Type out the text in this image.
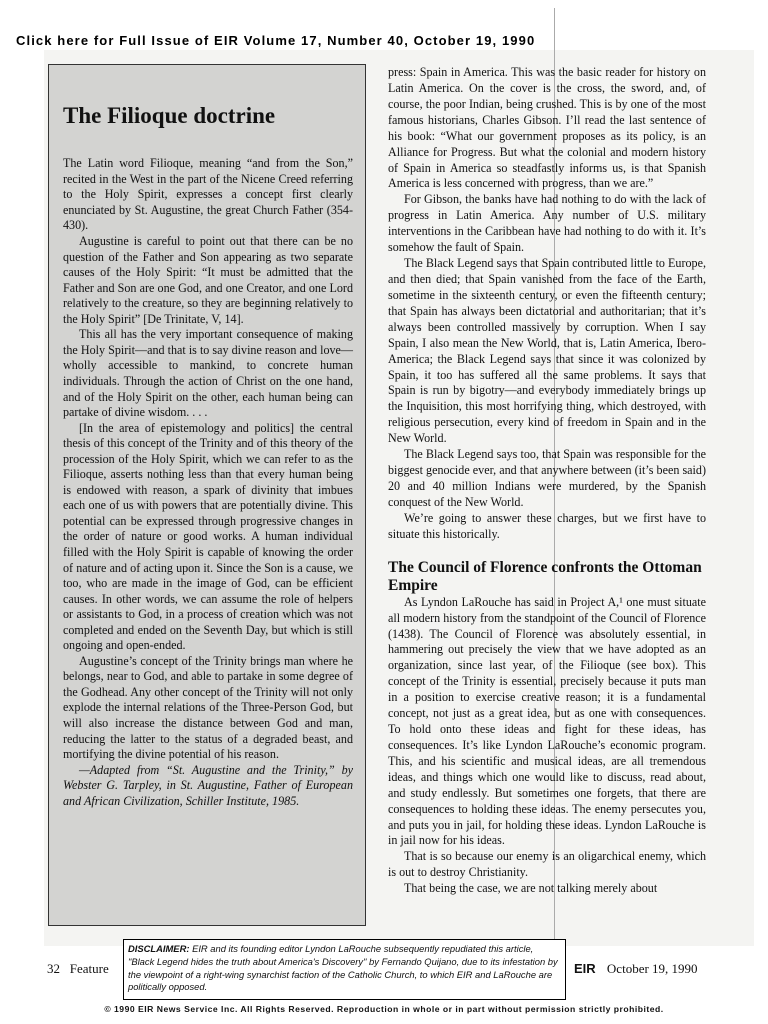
Click here for Full Issue of EIR Volume 17, Number 40, October 19, 1990
The Filioque doctrine

The Latin word Filioque, meaning “and from the Son,” recited in the West in the part of the Nicene Creed referring to the Holy Spirit, expresses a concept first clearly enunciated by St. Augustine, the great Church Father (354-430).

Augustine is careful to point out that there can be no question of the Father and Son appearing as two separate causes of the Holy Spirit: “It must be admitted that the Father and Son are one God, and one Creator, and one Lord relatively to the creature, so they are beginning relatively to the Holy Spirit” [De Trinitate, V, 14].

This all has the very important consequence of making the Holy Spirit—and that is to say divine reason and love—wholly accessible to mankind, to concrete human individuals. Through the action of Christ on the one hand, and of the Holy Spirit on the other, each human being can partake of divine wisdom. . . .

[In the area of epistemology and politics] the central thesis of this concept of the Trinity and of this theory of the procession of the Holy Spirit, which we can refer to as the Filioque, asserts nothing less than that every human being is endowed with reason, a spark of divinity that imbues each one of us with powers that are potentially divine. This potential can be expressed through progressive changes in the order of nature or good works. A human individual filled with the Holy Spirit is capable of knowing the order of nature and of acting upon it. Since the Son is a cause, we too, who are made in the image of God, can be efficient causes. In other words, we can assume the role of helpers or assistants to God, in a process of creation which was not completed and ended on the Seventh Day, but which is still ongoing and open-ended.

Augustine’s concept of the Trinity brings man where he belongs, near to God, and able to partake in some degree of the Godhead. Any other concept of the Trinity will not only explode the internal relations of the Three-Person God, but will also increase the distance between God and man, reducing the latter to the status of a degraded beast, and mortifying the divine potential of his reason.

—Adapted from “St. Augustine and the Trinity,” by Webster G. Tarpley, in St. Augustine, Father of European and African Civilization, Schiller Institute, 1985.

press: Spain in America. This was the basic reader for history on Latin America. On the cover is the cross, the sword, and, of course, the poor Indian, being crushed. This is by one of the most famous historians, Charles Gibson. I’ll read the last sentence of his book: “What our government proposes as its policy, is an Alliance for Progress. But what the colonial and modern history of Spain in America so steadfastly informs us, is that Spanish America is less concerned with progress, than we are.”

For Gibson, the banks have had nothing to do with the lack of progress in Latin America. Any number of U.S. military interventions in the Caribbean have had nothing to do with it. It’s somehow the fault of Spain.

The Black Legend says that Spain contributed little to Europe, and then died; that Spain vanished from the face of the Earth, sometime in the sixteenth century, or even the fifteenth century; that Spain has always been dictatorial and authoritarian; that it’s always been controlled massively by corruption. When I say Spain, I also mean the New World, that is, Latin America, Ibero-America; the Black Legend says that since it was colonized by Spain, it too has suffered all the same problems. It says that Spain is run by bigotry—and everybody immediately brings up the Inquisition, this most horrifying thing, which destroyed, with religious persecution, every kind of freedom in Spain and in the New World.

The Black Legend says too, that Spain was responsible for the biggest genocide ever, and that anywhere between (it’s been said) 20 and 40 million Indians were murdered, by the Spanish conquest of the New World.

We’re going to answer these charges, but we first have to situate this historically.

The Council of Florence confronts the Ottoman Empire

As Lyndon LaRouche has said in Project A,¹ one must situate all modern history from the standpoint of the Council of Florence (1438). The Council of Florence was absolutely essential, in hammering out precisely the view that we have adopted as an organization, since last year, of the Filioque (see box). This concept of the Trinity is essential, precisely because it puts man in a position to exercise creative reason; it is a fundamental concept, not just as a great idea, but as one with consequences. To hold onto these ideas and fight for these ideas, has consequences. It’s like Lyndon LaRouche’s economic program. This, and his scientific and musical ideas, are all tremendous ideas, and things which one would like to discuss, read about, and study endlessly. But sometimes one forgets, that there are consequences to holding these ideas. The enemy persecutes you, and puts you in jail, for holding these ideas. Lyndon LaRouche is in jail now for his ideas.

That is so because our enemy is an oligarchical enemy, which is out to destroy Christianity.

That being the case, we are not talking merely about

32 Feature	EIR October 19, 1990
DISCLAIMER: EIR and its founding editor Lyndon LaRouche subsequently repudiated this article, "Black Legend hides the truth about America's Discovery" by Fernando Quijano, due to its infestation by the viewpoint of a right-wing synarchist faction of the Catholic Church, to which EIR and LaRouche are politically opposed.
© 1990 EIR News Service Inc. All Rights Reserved. Reproduction in whole or in part without permission strictly prohibited.
